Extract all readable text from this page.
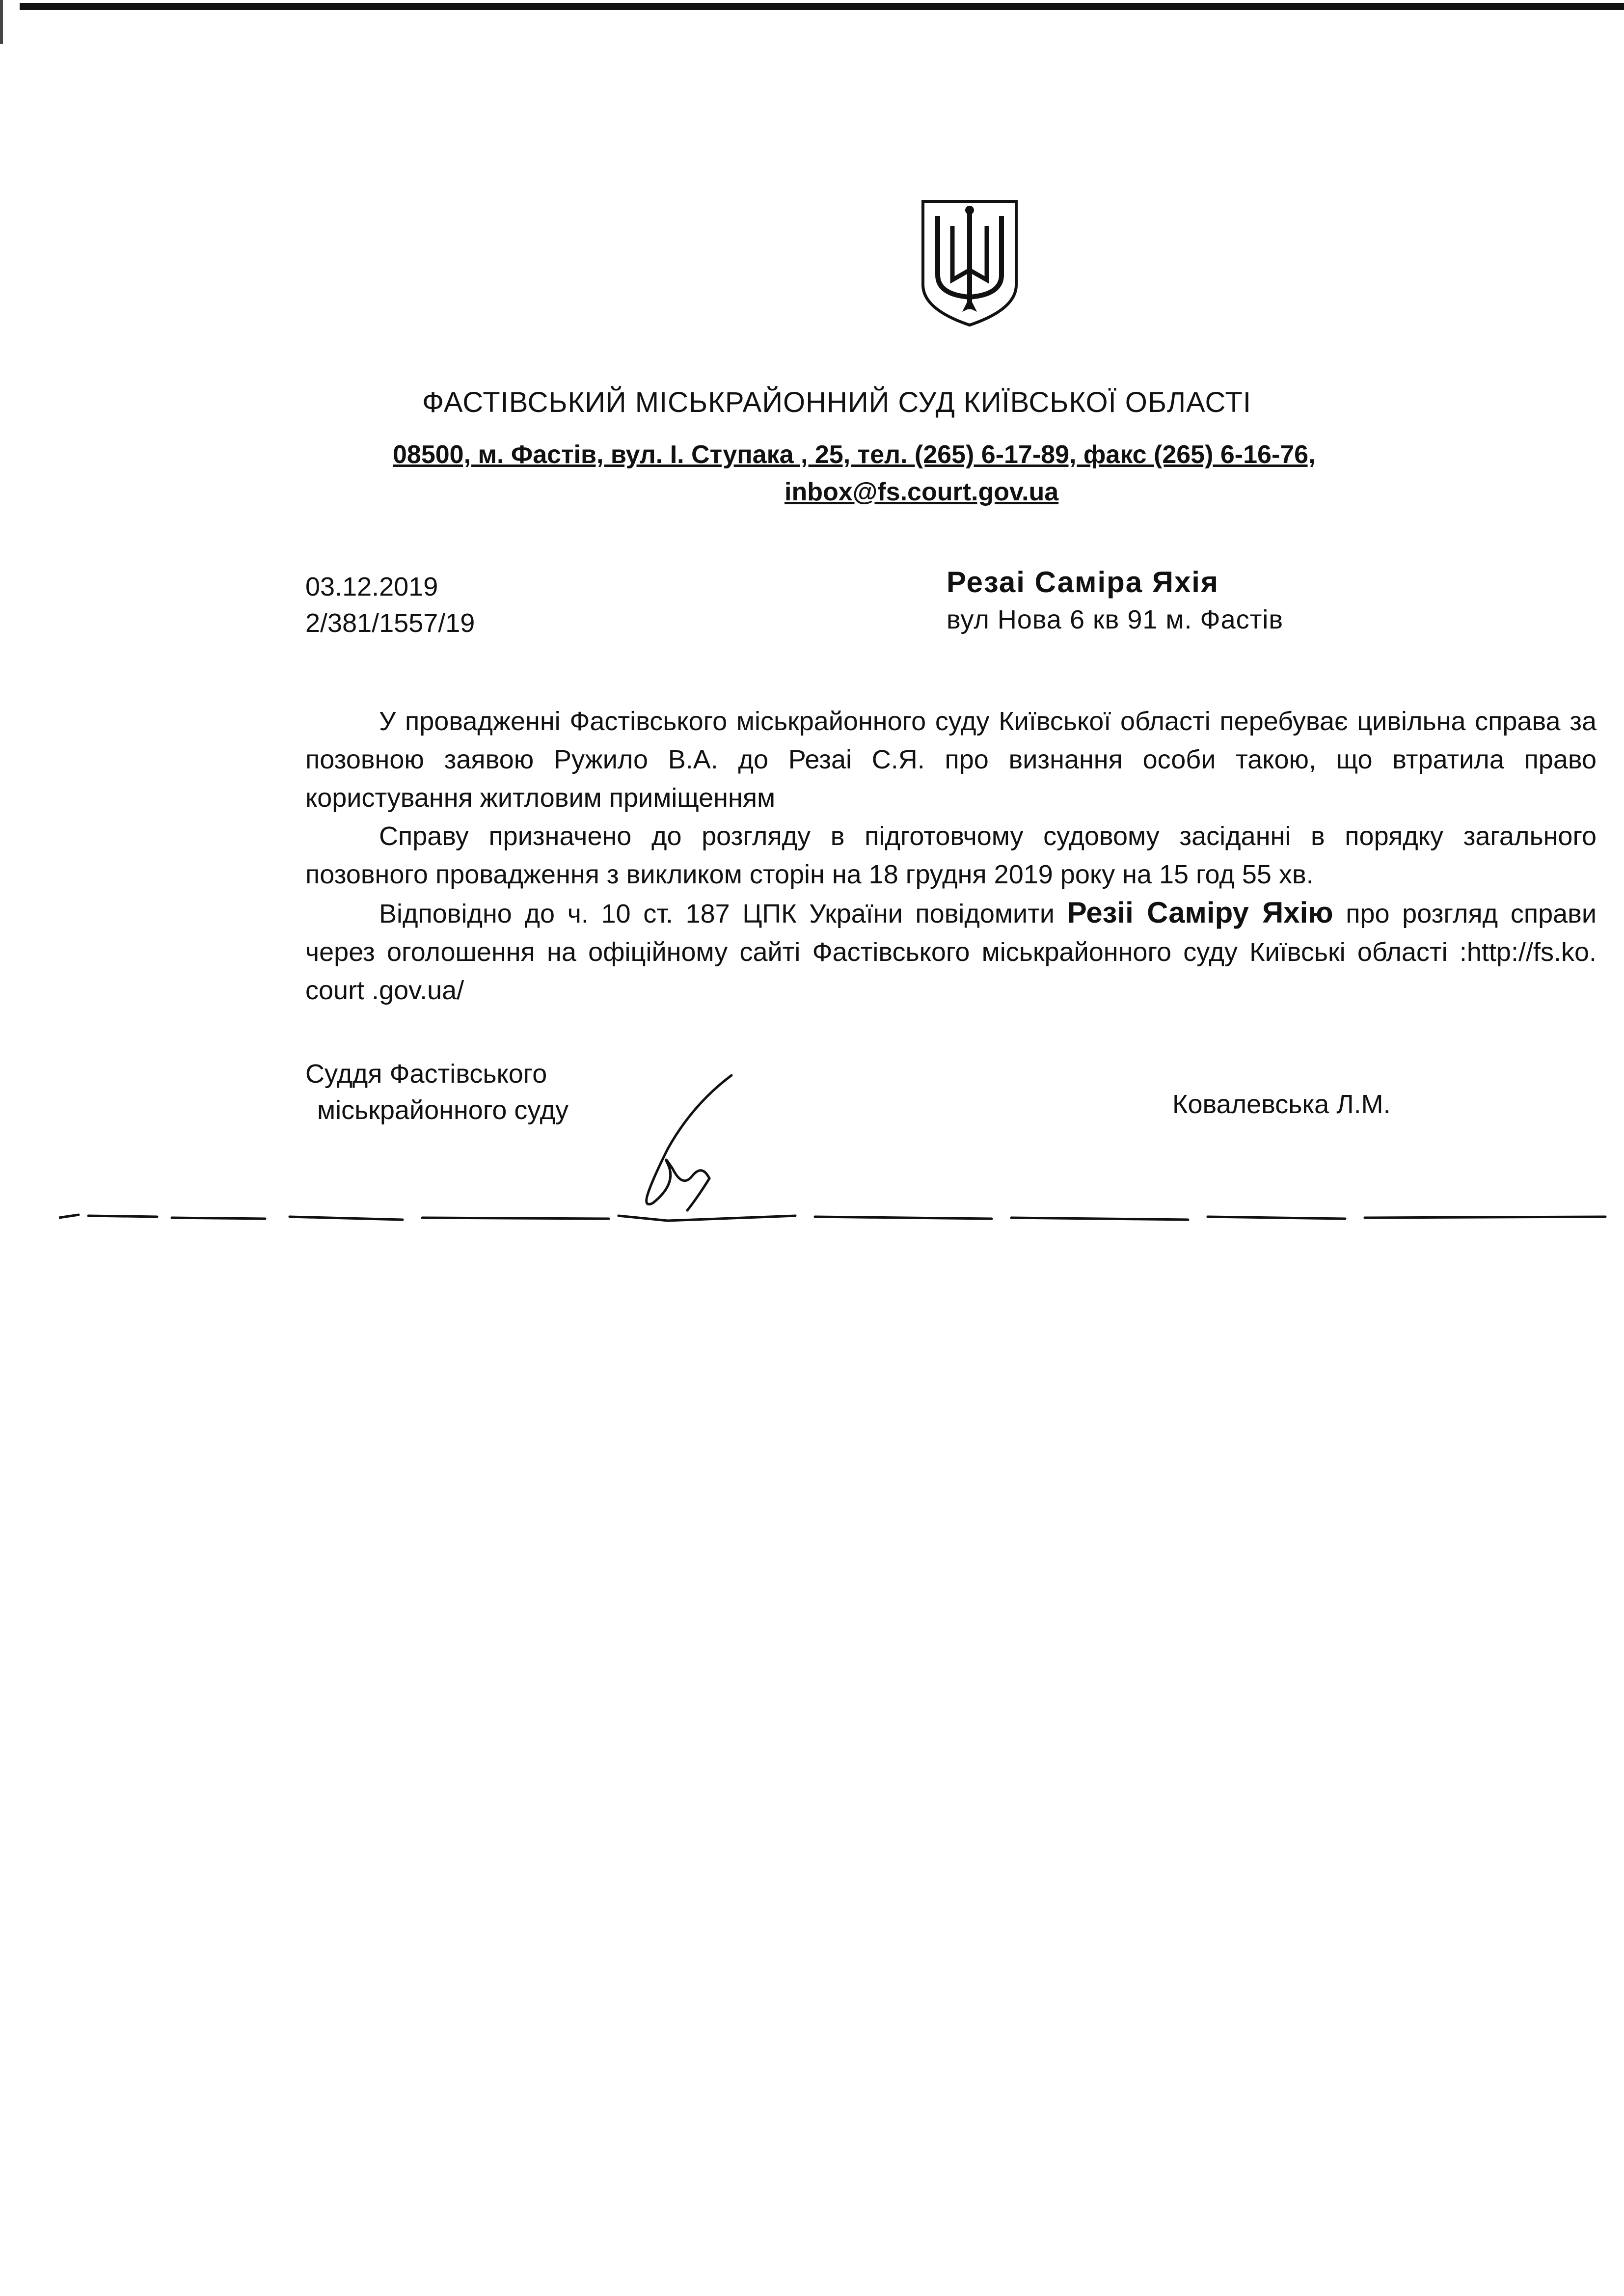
ФАСТІВСЬКИЙ МІСЬКРАЙОННИЙ СУД КИЇВСЬКОЇ ОБЛАСТІ
08500, м. Фастів, вул. І. Ступака , 25, тел. (265) 6-17-89, факс (265) 6-16-76,
inbox@fs.court.gov.ua
03.12.2019
2/381/1557/19
Резаі Саміра Яхія
вул Нова 6 кв 91 м. Фастів

У провадженні Фастівського міськрайонного суду Київської області перебуває цивільна справа за позовною заявою Ружило В.А. до Резаі С.Я. про визнання особи такою, що втратила право користування житловим приміщенням

Справу призначено до розгляду в підготовчому судовому засіданні в порядку загального позовного провадження з викликом сторін на 18 грудня 2019 року на 15 год 55 хв.

Відповідно до ч. 10 ст. 187 ЦПК України повідомити Резіі Саміру Яхію про розгляд справи через оголошення на офіційному сайті Фастівського міськрайонного суду Київські області :http://fs.ko. court .gov.ua/

Суддя Фастівського
міськрайонного суду	Ковалевська Л.М.
